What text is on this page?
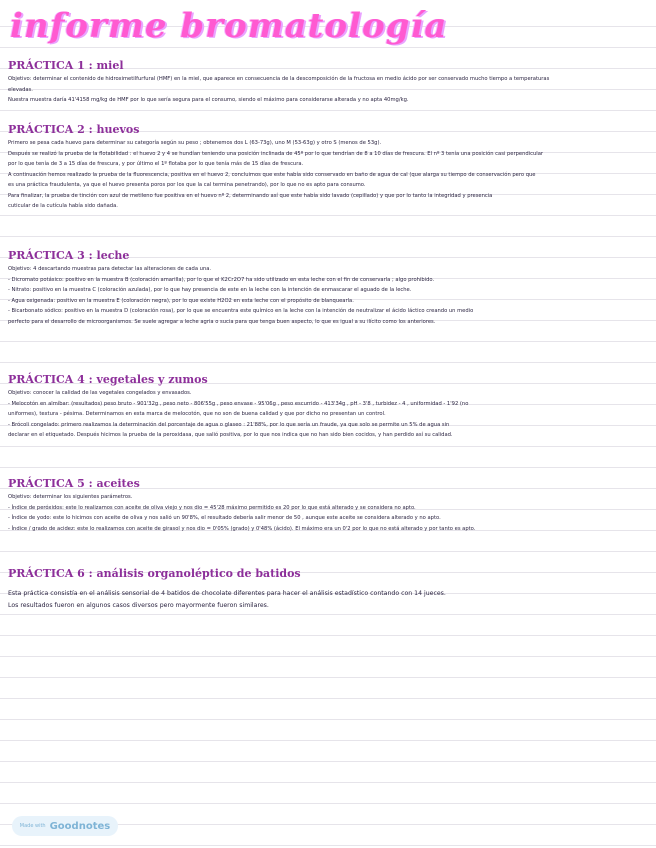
informe bromatología
PRÁCTICA 1 : miel
Objetivo: determinar el contenido de hidroximetilfurfural (HMF) en la miel, que aparece en consecuencia de la descomposición de la fructosa en medio ácido por ser conservado mucho tiempo a temperaturas
elevadas.
Nuestra muestra daría 41'4158 mg/kg de HMF por lo que sería segura para el consumo, siendo el máximo para considerarse alterada y no apta 40mg/kg.
PRÁCTICA 2 : huevos
Primero se pesa cada huevo para determinar su categoría según su peso ; obtenemos dos L (63-73g), uno M (53-63g) y otro S (menos de 53g).
Después se realizó la prueba de la flotabilidad : el huevo 2 y 4 se hundían teniendo una posición inclinada de 45º por lo que tendrían de 8 a 10 días de frescura. El nº 3 tenía una posición casi perpendicular
por lo que tenía de 3 a 15 días de frescura, y por último el 1º flotaba por lo que tenía más de 15 días de frescura.
A continuación hemos realizado la prueba de la fluorescencia, positiva en el huevo 2, concluimos que este había sido conservado en baño de agua de cal (que alarga su tiempo de conservación pero que
es una práctica fraudulenta, ya que el huevo presenta poros por los que la cal termina penetrando), por lo que no es apto para consumo.
Para finalizar, la prueba de tinción con azul de metileno fue positiva en el huevo nº 2, determinando así que este había sido lavado (cepillado) y que por lo tanto la integridad y presencia
cuticular de la cutícula había sido dañada.
PRÁCTICA 3 : leche
Objetivo: 4 descartando muestras para detectar las alteraciones de cada una.
- Dicromato potásico: positivo en la muestra B (coloración amarilla), por lo que el K2Cr2O7 ha sido utilizado en esta leche con el fin de conservarla ; algo prohibido.
- Nitrato: positivo en la muestra C (coloración azulada), por lo que hay presencia de este en la leche con la intención de enmascarar el aguado de la leche.
- Agua oxigenada: positivo en la muestra E (coloración negra), por lo que existe H2O2 en esta leche con el propósito de blanquearla.
- Bicarbonato sódico: positivo en la muestra D (coloración rosa), por lo que se encuentra este químico en la leche con la intención de neutralizar el ácido láctico creando un medio
perfecto para el desarrollo de microorganismos. Se suele agregar a leche agria o sucia para que tenga buen aspecto, lo que es igual a su ilícito como los anteriores.
PRÁCTICA 4 : vegetales y zumos
Objetivo: conocer la calidad de las vegetales congelados y envasados.
- Melocotón en almíbar: (resultados) peso bruto - 901'32g , peso neto - 806'55g , peso envase - 95'06g , peso escurrido - 413'34g , pH - 3'8 , turbidez - 4 , uniformidad - 1'92 (no
uniformes), textura - pésima. Determinamos en esta marca de melocotón, que no son de buena calidad y que por dicho no presentan un control.
- Brócoli congelado: primero realizamos la determinación del porcentaje de agua o glaseo : 21'88%, por lo que sería un fraude, ya que solo se permite un 5% de agua sin
declarar en el etiquetado. Después hicimos la prueba de la peroxidasa, que salió positiva, por lo que nos indica que no han sido bien cocidos, y han perdido así su calidad.
PRÁCTICA 5 : aceites
Objetivo: determinar los siguientes parámetros.
- Índice de peróxidos: este lo realizamos con aceite de oliva viejo y nos dio = 45'28 máximo permitido es 20 por lo que está alterado y se considera no apto.
- Índice de yodo: este lo hicimos con aceite de oliva y nos salió un 90'8%, el resultado debería salir menor de 50 , aunque este aceite se considera alterado y no apto.
- Índice / grado de acidez: este lo realizamos con aceite de girasol y nos dio = 0'05% (grado) y 0'48% (ácido). El máximo era un 0'2 por lo que no está alterado y por tanto es apto.
PRÁCTICA 6 : análisis organoléptico de batidos
Esta práctica consistía en el análisis sensorial de 4 batidos de chocolate diferentes para hacer el análisis estadístico contando con 14 jueces.
Los resultados fueron en algunos casos diversos pero mayormente fueron similares.
Made with Goodnotes
